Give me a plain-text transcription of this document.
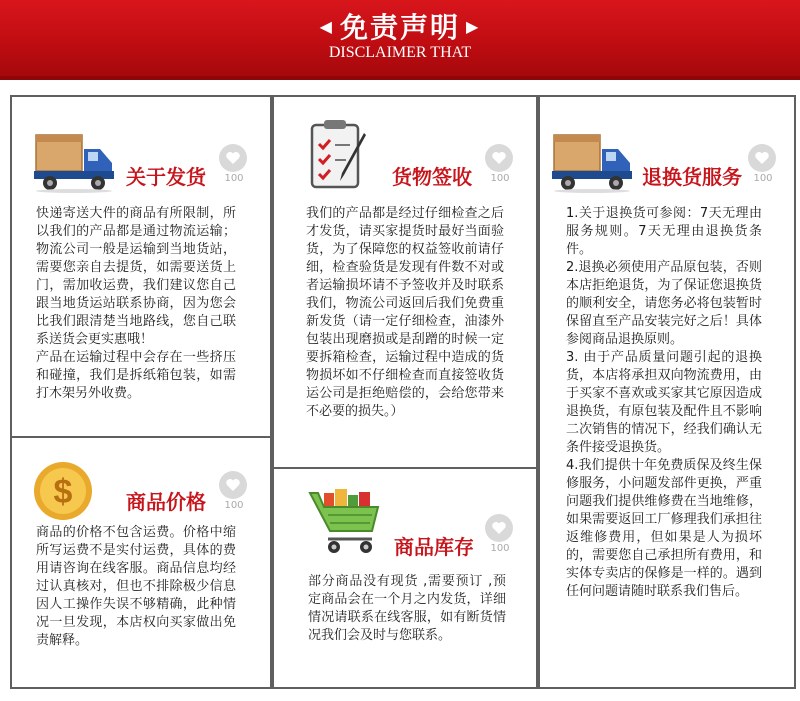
◀ 免责声明 ▶
DISCLAIMER THAT
关于发货	100

快递寄送大件的商品有所限制，所以我们的产品都是通过物流运输；物流公司一般是运输到当地货站，需要您亲自去提货，如需要送货上门，需加收运费，我们建议您自己跟当地货运站联系协商，因为您会比我们跟清楚当地路线，您自己联系送货会更实惠哦！

产品在运输过程中会存在一些挤压和碰撞，我们是拆纸箱包装，如需打木架另外收费。

货物签收	100

我们的产品都是经过仔细检查之后才发货，请买家提货时最好当面验货，为了保障您的权益签收前请仔细，检查验货是发现有件数不对或者运输损坏请不予签收并及时联系我们，物流公司返回后我们免费重新发货（请一定仔细检查，油漆外包装出现磨损或是刮蹭的时候一定要拆箱检查，运输过程中造成的货物损坏如不仔细检查而直接签收货运公司是拒绝赔偿的，会给您带来不必要的损失。）

退换货服务	100

1.关于退换货可参阅：7天无理由服务规则。7天无理由退换货条件。

2.退换必须使用产品原包装，否则本店拒绝退货，为了保证您退换货的顺利安全，请您务必将包装暂时保留直至产品安装完好之后！具体参阅商品退换原则。

3. 由于产品质量问题引起的退换货，本店将承担双向物流费用，由于买家不喜欢或买家其它原因造成退换货，有原包装及配件且不影响二次销售的情况下，经我们确认无条件接受退换货。

4.我们提供十年免费质保及终生保修服务，小问题发部件更换，严重问题我们提供维修费在当地维修，如果需要返回工厂修理我们承担往返维修费用，但如果是人为损坏的，需要您自己承担所有费用，和实体专卖店的保修是一样的。遇到任何问题请随时联系我们售后。

$	商品价格	100

商品的价格不包含运费。价格中缩所写运费不是实付运费，具体的费用请咨询在线客服。商品信息均经过认真核对，但也不排除极少信息因人工操作失误不够精确，此种情况一旦发现，本店权向买家做出免责解释。

商品库存	100

部分商品没有现货 ,需要预订 ,预定商品会在一个月之内发货，详细情况请联系在线客服，如有断货情况我们会及时与您联系。
